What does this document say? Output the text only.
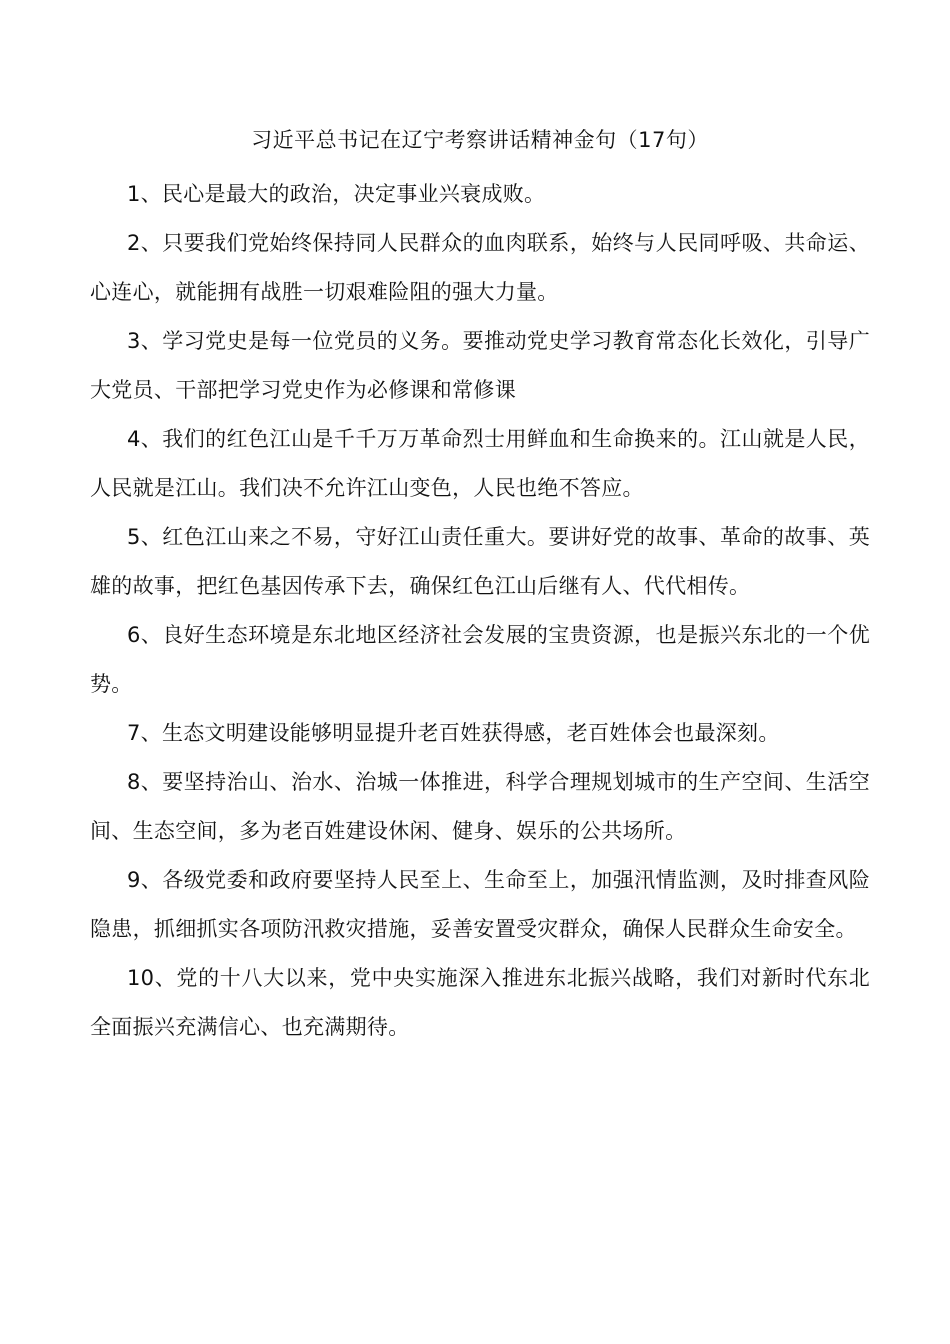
习近平总书记在辽宁考察讲话精神金句（17句）

1、民心是最大的政治，决定事业兴衰成败。

2、只要我们党始终保持同人民群众的血肉联系，始终与人民同呼吸、共命运、心连心，就能拥有战胜一切艰难险阻的强大力量。

3、学习党史是每一位党员的义务。要推动党史学习教育常态化长效化，引导广大党员、干部把学习党史作为必修课和常修课

4、我们的红色江山是千千万万革命烈士用鲜血和生命换来的。江山就是人民，人民就是江山。我们决不允许江山变色，人民也绝不答应。

5、红色江山来之不易，守好江山责任重大。要讲好党的故事、革命的故事、英雄的故事，把红色基因传承下去，确保红色江山后继有人、代代相传。

6、良好生态环境是东北地区经济社会发展的宝贵资源，也是振兴东北的一个优势。

7、生态文明建设能够明显提升老百姓获得感，老百姓体会也最深刻。

8、要坚持治山、治水、治城一体推进，科学合理规划城市的生产空间、生活空间、生态空间，多为老百姓建设休闲、健身、娱乐的公共场所。

9、各级党委和政府要坚持人民至上、生命至上，加强汛情监测，及时排查风险隐患，抓细抓实各项防汛救灾措施，妥善安置受灾群众，确保人民群众生命安全。

10、党的十八大以来，党中央实施深入推进东北振兴战略，我们对新时代东北全面振兴充满信心、也充满期待。
